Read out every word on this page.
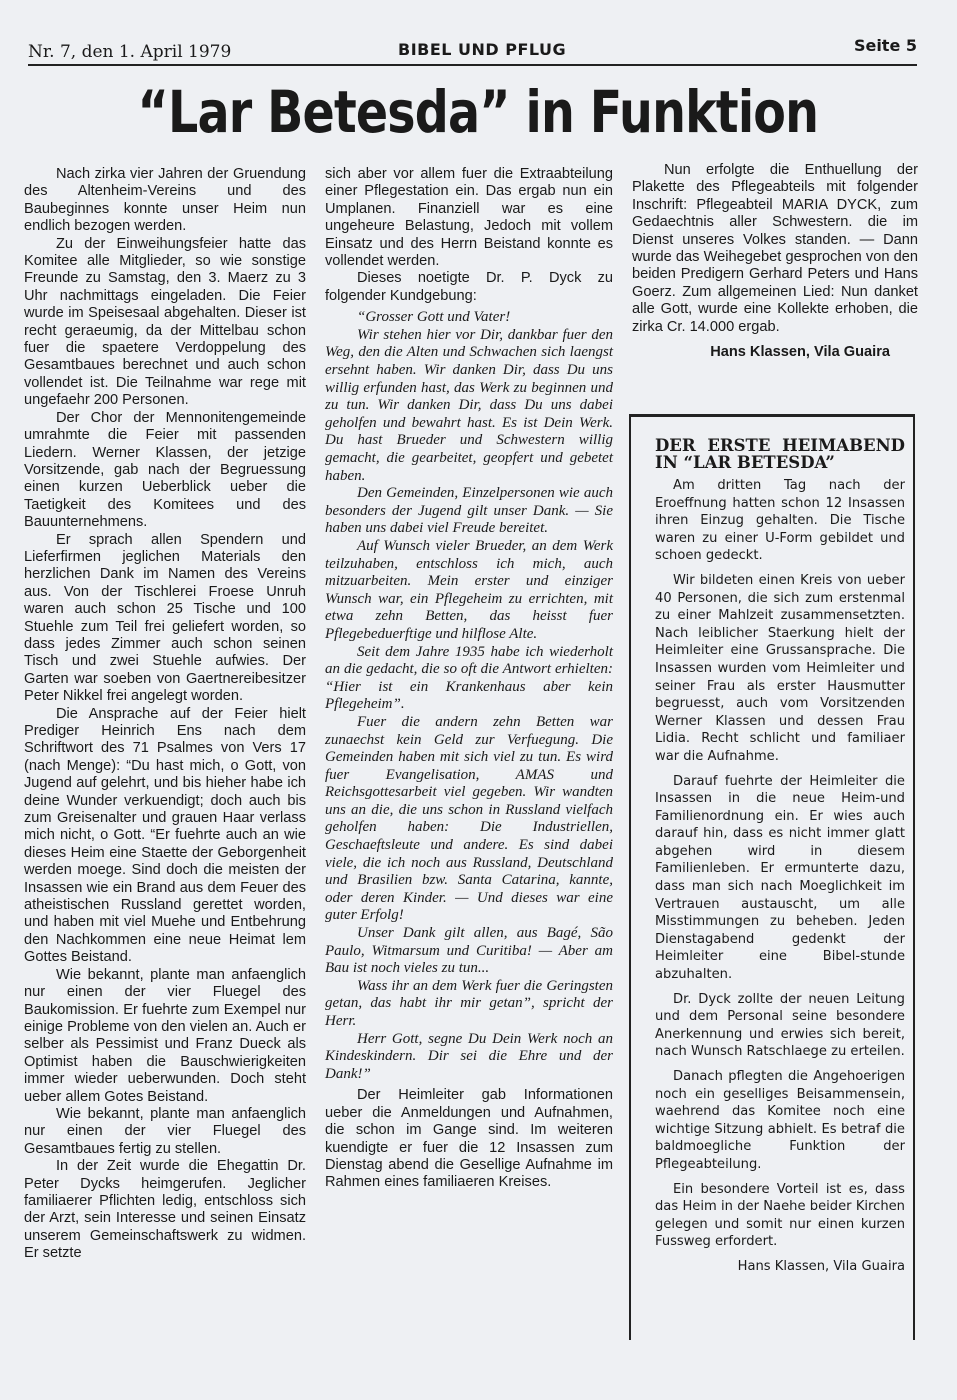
Nr. 7, den 1. April 1979	BIBEL UND PFLUG	Seite 5
“Lar Betesda” in Funktion

Nach zirka vier Jahren der Gruendung des Altenheim-Vereins und des Baubeginnes konnte unser Heim nun endlich bezogen werden.

Zu der Einweihungsfeier hatte das Komitee alle Mitglieder, so wie sonstige Freunde zu Samstag, den 3. Maerz zu 3 Uhr nachmittags eingeladen. Die Feier wurde im Speisesaal abgehalten. Dieser ist recht geraeumig, da der Mittelbau schon fuer die spaetere Verdoppelung des Gesamtbaues berechnet und auch schon vollendet ist. Die Teilnahme war rege mit ungefaehr 200 Personen.

Der Chor der Mennonitengemeinde umrahmte die Feier mit passenden Liedern. Werner Klassen, der jetzige Vorsitzende, gab nach der Begruessung einen kurzen Ueberblick ueber die Taetigkeit des Komitees und des Bauunternehmens.

Er sprach allen Spendern und Lieferfirmen jeglichen Materials den herzlichen Dank im Namen des Vereins aus. Von der Tischlerei Froese Unruh waren auch schon 25 Tische und 100 Stuehle zum Teil frei geliefert worden, so dass jedes Zimmer auch schon seinen Tisch und zwei Stuehle aufwies. Der Garten war soeben von Gaertnereibesitzer Peter Nikkel frei angelegt worden.

Die Ansprache auf der Feier hielt Prediger Heinrich Ens nach dem Schriftwort des 71 Psalmes von Vers 17 (nach Menge): “Du hast mich, o Gott, von Jugend auf gelehrt, und bis hieher habe ich deine Wunder verkuendigt; doch auch bis zum Greisenalter und grauen Haar verlass mich nicht, o Gott. “Er fuehrte auch an wie dieses Heim eine Staette der Geborgenheit werden moege. Sind doch die meisten der Insassen wie ein Brand aus dem Feuer des atheistischen Russland gerettet worden, und haben mit viel Muehe und Entbehrung den Nachkommen eine neue Heimat lem Gottes Beistand.

Wie bekannt, plante man anfaenglich nur einen der vier Fluegel des Baukomission. Er fuehrte zum Exempel nur einige Probleme von den vielen an. Auch er selber als Pessimist und Franz Dueck als Optimist haben die Bauschwierigkeiten immer wieder ueberwunden. Doch steht ueber allem Gotes Beistand.

Wie bekannt, plante man anfaenglich nur einen der vier Fluegel des Gesamtbaues fertig zu stellen.

In der Zeit wurde die Ehegattin Dr. Peter Dycks heimgerufen. Jeglicher familiaerer Pflichten ledig, entschloss sich der Arzt, sein Interesse und seinen Einsatz unserem Gemeinschaftswerk zu widmen. Er setzte

sich aber vor allem fuer die Extraabteilung einer Pflegestation ein. Das ergab nun ein Umplanen. Finanziell war es eine ungeheure Belastung, Jedoch mit vollem Einsatz und des Herrn Beistand konnte es vollendet werden.

Dieses noetigte Dr. P. Dyck zu folgender Kundgebung:

“Grosser Gott und Vater!

Wir stehen hier vor Dir, dankbar fuer den Weg, den die Alten und Schwachen sich laengst ersehnt haben. Wir danken Dir, dass Du uns willig erfunden hast, das Werk zu beginnen und zu tun. Wir danken Dir, dass Du uns dabei geholfen und bewahrt hast. Es ist Dein Werk. Du hast Brueder und Schwestern willig gemacht, die gearbeitet, geopfert und gebetet haben.

Den Gemeinden, Einzelpersonen wie auch besonders der Jugend gilt unser Dank. — Sie haben uns dabei viel Freude bereitet.

Auf Wunsch vieler Brueder, an dem Werk teilzuhaben, entschloss ich mich, auch mitzuarbeiten. Mein erster und einziger Wunsch war, ein Pflegeheim zu errichten, mit etwa zehn Betten, das heisst fuer Pflegebeduerftige und hilflose Alte.

Seit dem Jahre 1935 habe ich wiederholt an die gedacht, die so oft die Antwort erhielten: “Hier ist ein Krankenhaus aber kein Pflegeheim”.

Fuer die andern zehn Betten war zunaechst kein Geld zur Verfuegung. Die Gemeinden haben mit sich viel zu tun. Es wird fuer Evangelisation, AMAS und Reichsgottesarbeit viel gegeben. Wir wandten uns an die, die uns schon in Russland vielfach geholfen haben: Die Industriellen, Geschaeftsleute und andere. Es sind dabei viele, die ich noch aus Russland, Deutschland und Brasilien bzw. Santa Catarina, kannte, oder deren Kinder. — Und dieses war eine guter Erfolg!

Unser Dank gilt allen, aus Bagé, São Paulo, Witmarsum und Curitiba! — Aber am Bau ist noch vieles zu tun...

Wass ihr an dem Werk fuer die Geringsten getan, das habt ihr mir getan”, spricht der Herr.

Herr Gott, segne Du Dein Werk noch an Kindeskindern. Dir sei die Ehre und der Dank!”

Der Heimleiter gab Informationen ueber die Anmeldungen und Aufnahmen, die schon im Gange sind. Im weiteren kuendigte er fuer die 12 Insassen zum Dienstag abend die Gesellige Aufnahme im Rahmen eines familiaeren Kreises.

Nun erfolgte die Enthuellung der Plakette des Pflegeabteils mit folgender Inschrift: Pflegeabteil MARIA DYCK, zum Gedaechtnis aller Schwestern. die im Dienst unseres Volkes standen. — Dann wurde das Weihegebet gesprochen von den beiden Predigern Gerhard Peters und Hans Goerz. Zum allgemeinen Lied: Nun danket alle Gott, wurde eine Kollekte erhoben, die zirka Cr. 14.000 ergab.

Hans Klassen, Vila Guaira

DER ERSTE HEIMABEND IN “LAR BETESDA”

Am dritten Tag nach der Eroeffnung hatten schon 12 Insassen ihren Einzug gehalten. Die Tische waren zu einer U-Form gebildet und schoen gedeckt.

Wir bildeten einen Kreis von ueber 40 Personen, die sich zum erstenmal zu einer Mahlzeit zusammensetzten. Nach leiblicher Staerkung hielt der Heimleiter eine Grussansprache. Die Insassen wurden vom Heimleiter und seiner Frau als erster Hausmutter begruesst, auch vom Vorsitzenden Werner Klassen und dessen Frau Lidia. Recht schlicht und familiaer war die Aufnahme.

Darauf fuehrte der Heimleiter die Insassen in die neue Heim-und Familienordnung ein. Er wies auch darauf hin, dass es nicht immer glatt abgehen wird in diesem Familienleben. Er ermunterte dazu, dass man sich nach Moeglichkeit im Vertrauen austauscht, um alle Misstimmungen zu beheben. Jeden Dienstagabend gedenkt der Heimleiter eine Bibel-stunde abzuhalten.

Dr. Dyck zollte der neuen Leitung und dem Personal seine besondere Anerkennung und erwies sich bereit, nach Wunsch Ratschlaege zu erteilen.

Danach pflegten die Angehoerigen noch ein geselliges Beisammensein, waehrend das Komitee noch eine wichtige Sitzung abhielt. Es betraf die baldmoegliche Funktion der Pflegeabteilung.

Ein besondere Vorteil ist es, dass das Heim in der Naehe beider Kirchen gelegen und somit nur einen kurzen Fussweg erfordert.

Hans Klassen, Vila Guaira
